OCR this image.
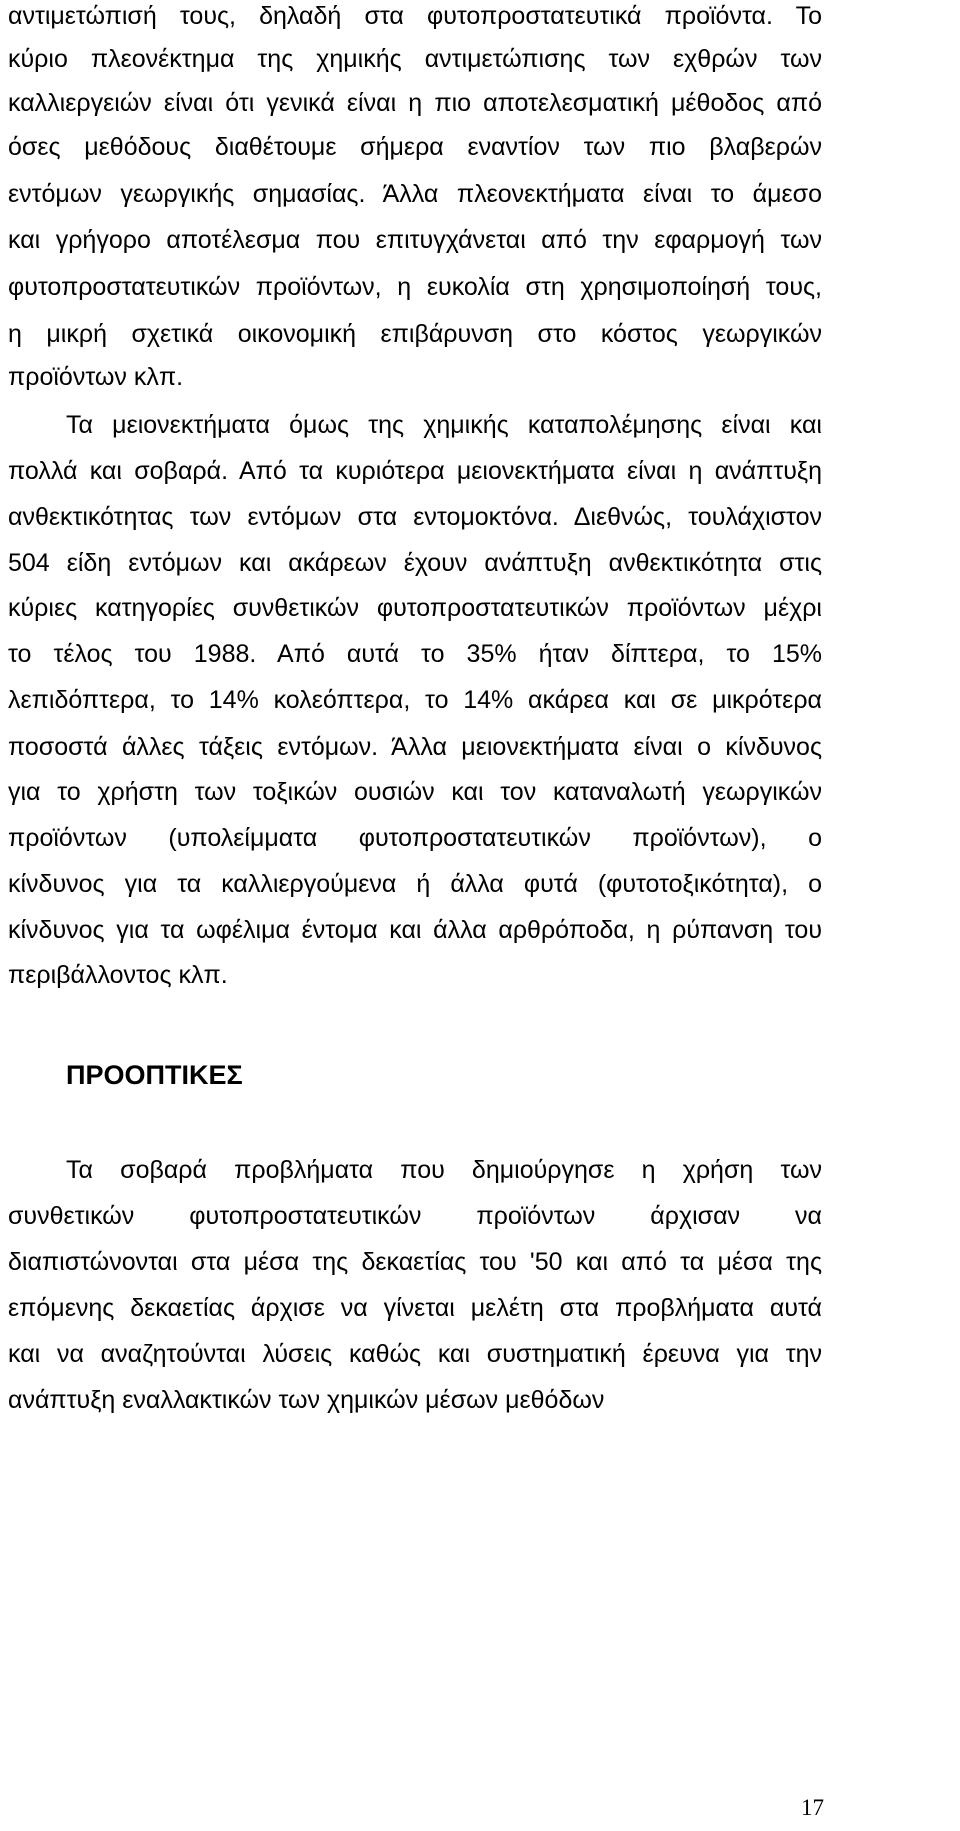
αντιμετώπισή τους, δηλαδή στα φυτοπροστατευτικά προϊόντα. Το
κύριο πλεονέκτημα της χημικής αντιμετώπισης των εχθρών των
καλλιεργειών είναι ότι γενικά είναι η πιο αποτελεσματική μέθοδος από
όσες μεθόδους διαθέτουμε σήμερα εναντίον των πιο βλαβερών
εντόμων γεωργικής σημασίας. Άλλα πλεονεκτήματα είναι το άμεσο
και γρήγορο αποτέλεσμα που επιτυγχάνεται από την εφαρμογή των
φυτοπροστατευτικών προϊόντων, η ευκολία στη χρησιμοποίησή τους,
η μικρή σχετικά οικονομική επιβάρυνση στο κόστος γεωργικών
προϊόντων κλπ.
Τα μειονεκτήματα όμως της χημικής καταπολέμησης είναι και
πολλά και σοβαρά. Από τα κυριότερα μειονεκτήματα είναι η ανάπτυξη
ανθεκτικότητας των εντόμων στα εντομοκτόνα. Διεθνώς, τουλάχιστον
504 είδη εντόμων και ακάρεων έχουν ανάπτυξη ανθεκτικότητα στις
κύριες κατηγορίες συνθετικών φυτοπροστατευτικών προϊόντων μέχρι
το τέλος του 1988. Από αυτά το 35% ήταν δίπτερα, το 15%
λεπιδόπτερα, το 14% κολεόπτερα, το 14% ακάρεα και σε μικρότερα
ποσοστά άλλες τάξεις εντόμων. Άλλα μειονεκτήματα είναι ο κίνδυνος
για το χρήστη των τοξικών ουσιών και τον καταναλωτή γεωργικών
προϊόντων (υπολείμματα φυτοπροστατευτικών προϊόντων), ο
κίνδυνος για τα καλλιεργούμενα ή άλλα φυτά (φυτοτοξικότητα), ο
κίνδυνος για τα ωφέλιμα έντομα και άλλα αρθρόποδα, η ρύπανση του
περιβάλλοντος κλπ.
ΠΡΟΟΠΤΙΚΕΣ
Τα σοβαρά προβλήματα που δημιούργησε η χρήση των
συνθετικών φυτοπροστατευτικών προϊόντων άρχισαν να
διαπιστώνονται στα μέσα της δεκαετίας του '50 και από τα μέσα της
επόμενης δεκαετίας άρχισε να γίνεται μελέτη στα προβλήματα αυτά
και να αναζητούνται λύσεις καθώς και συστηματική έρευνα για την
ανάπτυξη εναλλακτικών των χημικών μέσων μεθόδων
17
